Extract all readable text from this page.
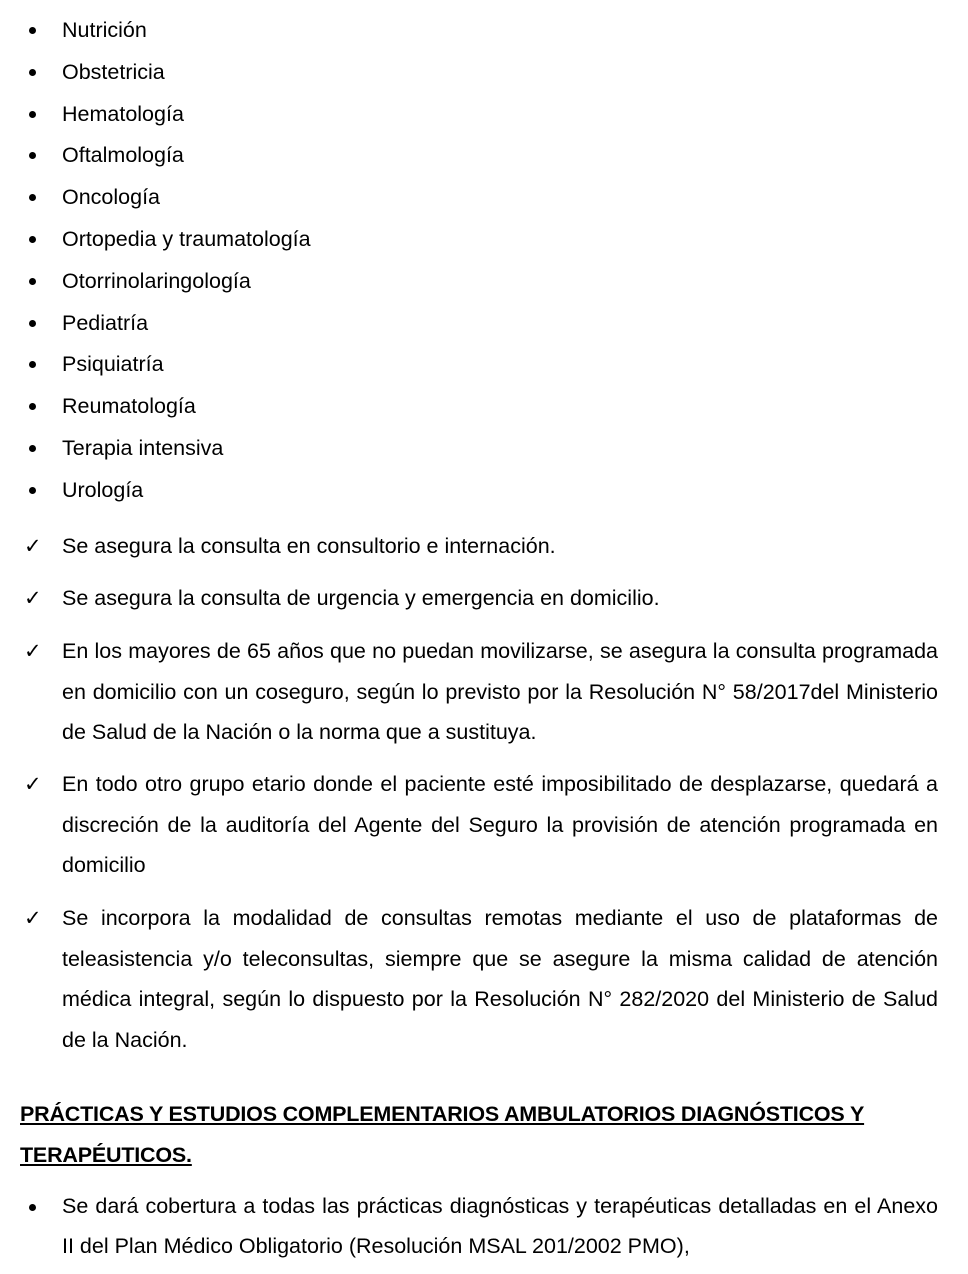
Nutrición
Obstetricia
Hematología
Oftalmología
Oncología
Ortopedia y traumatología
Otorrinolaringología
Pediatría
Psiquiatría
Reumatología
Terapia intensiva
Urología
✓ Se asegura la consulta en consultorio e internación.

✓ Se asegura la consulta de urgencia y emergencia en domicilio.

✓ En los mayores de 65 años que no puedan movilizarse, se asegura la consulta programada en domicilio con un coseguro, según lo previsto por la Resolución N° 58/2017del Ministerio de Salud de la Nación o la norma que a sustituya.

✓ En todo otro grupo etario donde el paciente esté imposibilitado de desplazarse, quedará a discreción de la auditoría del Agente del Seguro la provisión de atención programada en domicilio

✓ Se incorpora la modalidad de consultas remotas mediante el uso de plataformas de teleasistencia y/o teleconsultas, siempre que se asegure la misma calidad de atención médica integral, según lo dispuesto por la Resolución N° 282/2020 del Ministerio de Salud de la Nación.

PRÁCTICAS Y ESTUDIOS COMPLEMENTARIOS AMBULATORIOS DIAGNÓSTICOS Y TERAPÉUTICOS.

Se dará cobertura a todas las prácticas diagnósticas y terapéuticas detalladas en el Anexo II del Plan Médico Obligatorio (Resolución MSAL 201/2002 PMO),
